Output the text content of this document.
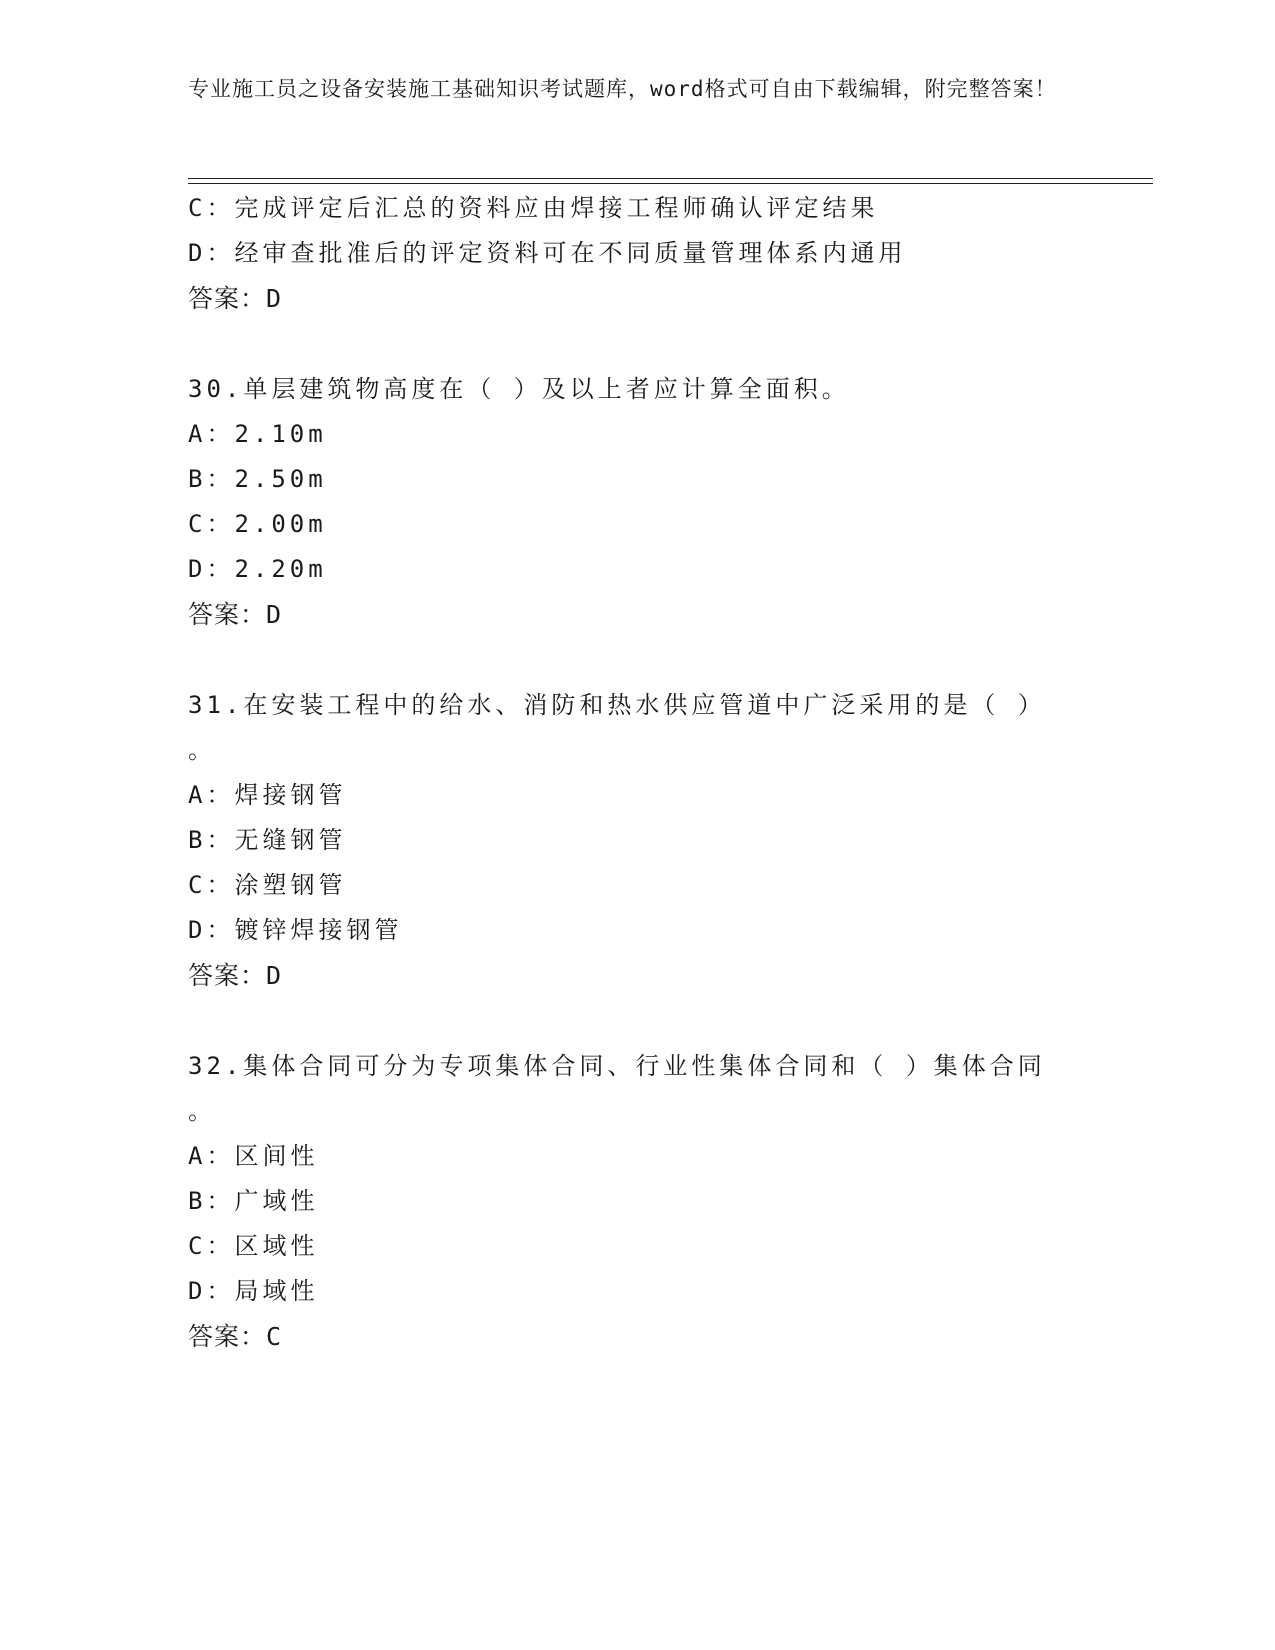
专业施工员之设备安装施工基础知识考试题库，word格式可自由下载编辑，附完整答案！
C：完成评定后汇总的资料应由焊接工程师确认评定结果
D：经审查批准后的评定资料可在不同质量管理体系内通用
答案：D
30.单层建筑物高度在（ ）及以上者应计算全面积。
A：2.10m
B：2.50m
C：2.00m
D：2.20m
答案：D
31.在安装工程中的给水、消防和热水供应管道中广泛采用的是（ ）
。
A：焊接钢管
B：无缝钢管
C：涂塑钢管
D：镀锌焊接钢管
答案：D
32.集体合同可分为专项集体合同、行业性集体合同和（ ）集体合同
。
A：区间性
B：广域性
C：区域性
D：局域性
答案：C
